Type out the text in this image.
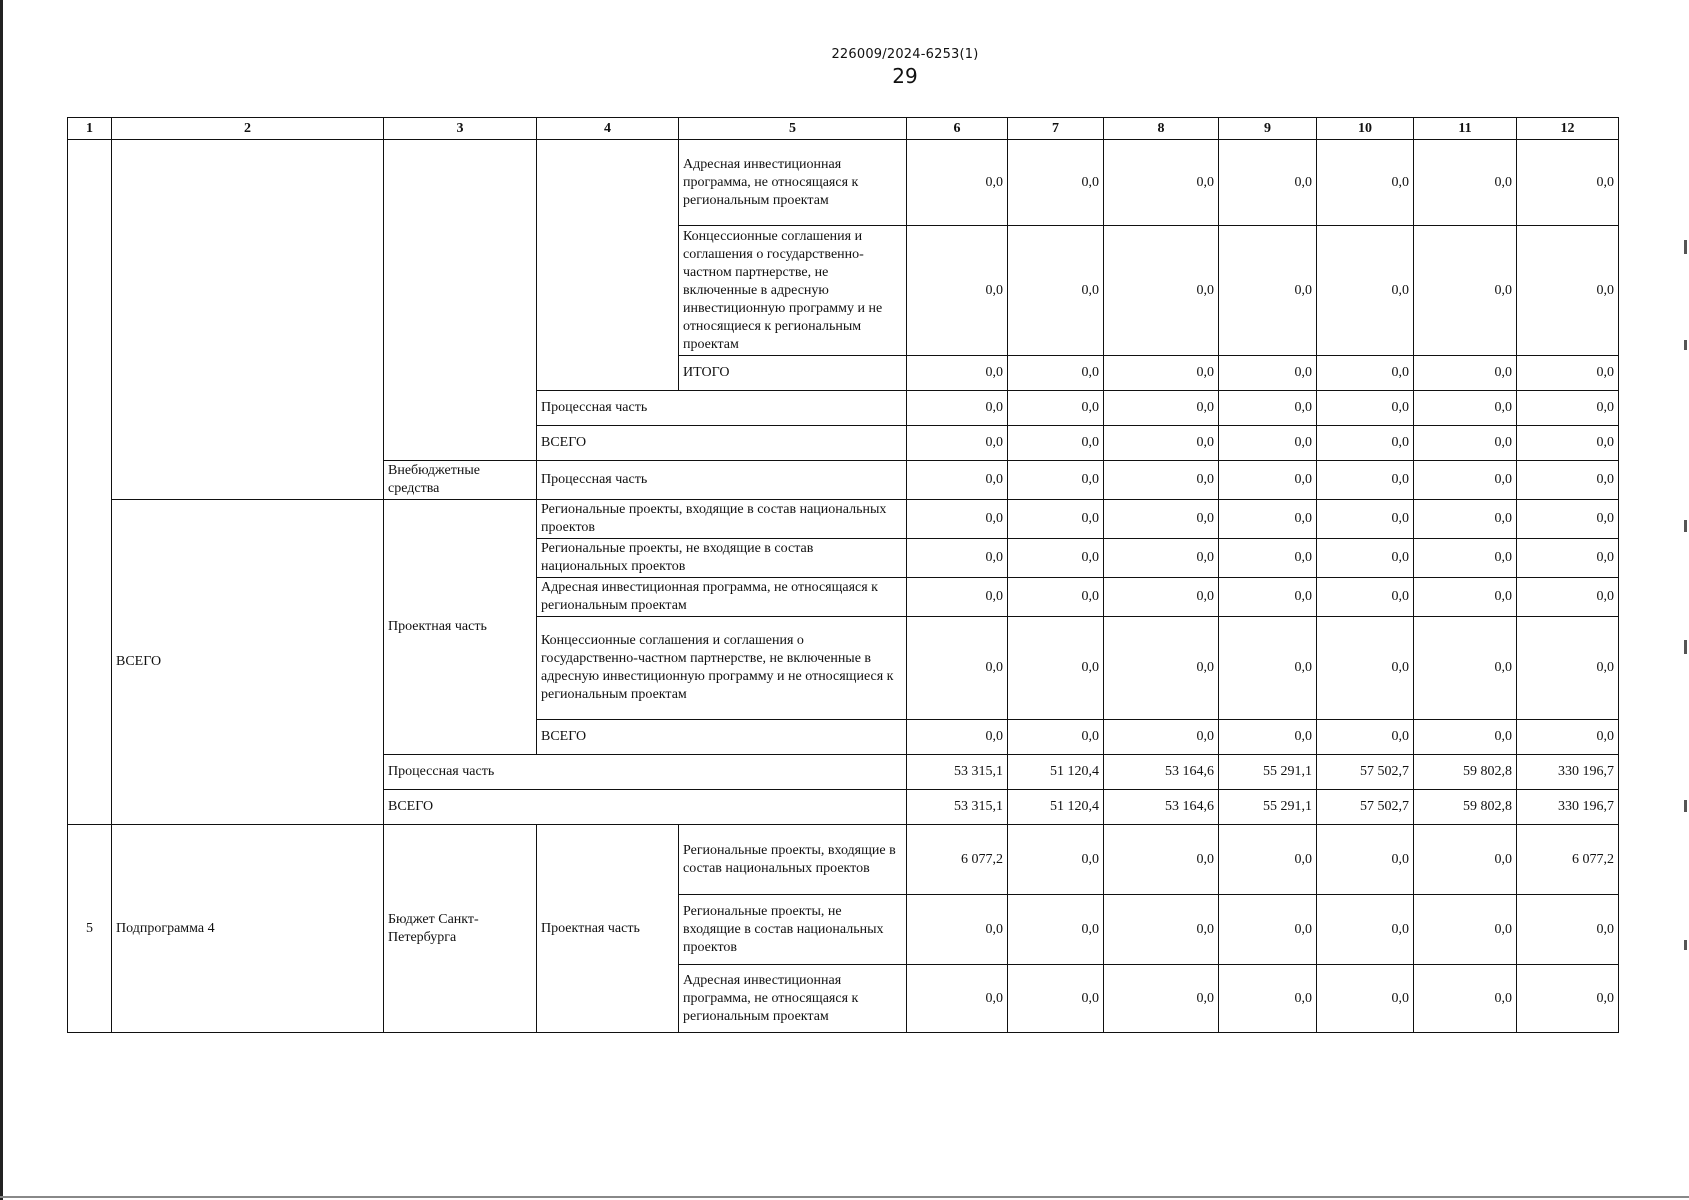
226009/2024-6253(1)
29
1	2	3	4	5	6	7	8	9	10	11	12
				Адресная инвестиционная программа, не относящаяся к региональным проектам	0,0	0,0	0,0	0,0	0,0	0,0	0,0
				Концессионные соглашения и соглашения о государственно-частном партнерстве, не включенные в адресную инвестиционную программу и не относящиеся к региональным проектам	0,0	0,0	0,0	0,0	0,0	0,0	0,0
				ИТОГО	0,0	0,0	0,0	0,0	0,0	0,0	0,0
			Процессная часть		0,0	0,0	0,0	0,0	0,0	0,0	0,0
			ВСЕГО		0,0	0,0	0,0	0,0	0,0	0,0	0,0
		Внебюджетные средства	Процессная часть		0,0	0,0	0,0	0,0	0,0	0,0	0,0
	ВСЕГО	Проектная часть	Региональные проекты, входящие в состав национальных проектов		0,0	0,0	0,0	0,0	0,0	0,0	0,0
			Региональные проекты, не входящие в состав национальных проектов		0,0	0,0	0,0	0,0	0,0	0,0	0,0
			Адресная инвестиционная программа, не относящаяся к региональным проектам		0,0	0,0	0,0	0,0	0,0	0,0	0,0
			Концессионные соглашения и соглашения о государственно-частном партнерстве, не включенные в адресную инвестиционную программу и не относящиеся к региональным проектам		0,0	0,0	0,0	0,0	0,0	0,0	0,0
			ВСЕГО		0,0	0,0	0,0	0,0	0,0	0,0	0,0
		Процессная часть			53 315,1	51 120,4	53 164,6	55 291,1	57 502,7	59 802,8	330 196,7
		ВСЕГО			53 315,1	51 120,4	53 164,6	55 291,1	57 502,7	59 802,8	330 196,7
5	Подпрограмма 4	Бюджет Санкт-Петербурга	Проектная часть	Региональные проекты, входящие в состав национальных проектов	6 077,2	0,0	0,0	0,0	0,0	0,0	6 077,2
				Региональные проекты, не входящие в состав национальных проектов	0,0	0,0	0,0	0,0	0,0	0,0	0,0
				Адресная инвестиционная программа, не относящаяся к региональным проектам	0,0	0,0	0,0	0,0	0,0	0,0	0,0
